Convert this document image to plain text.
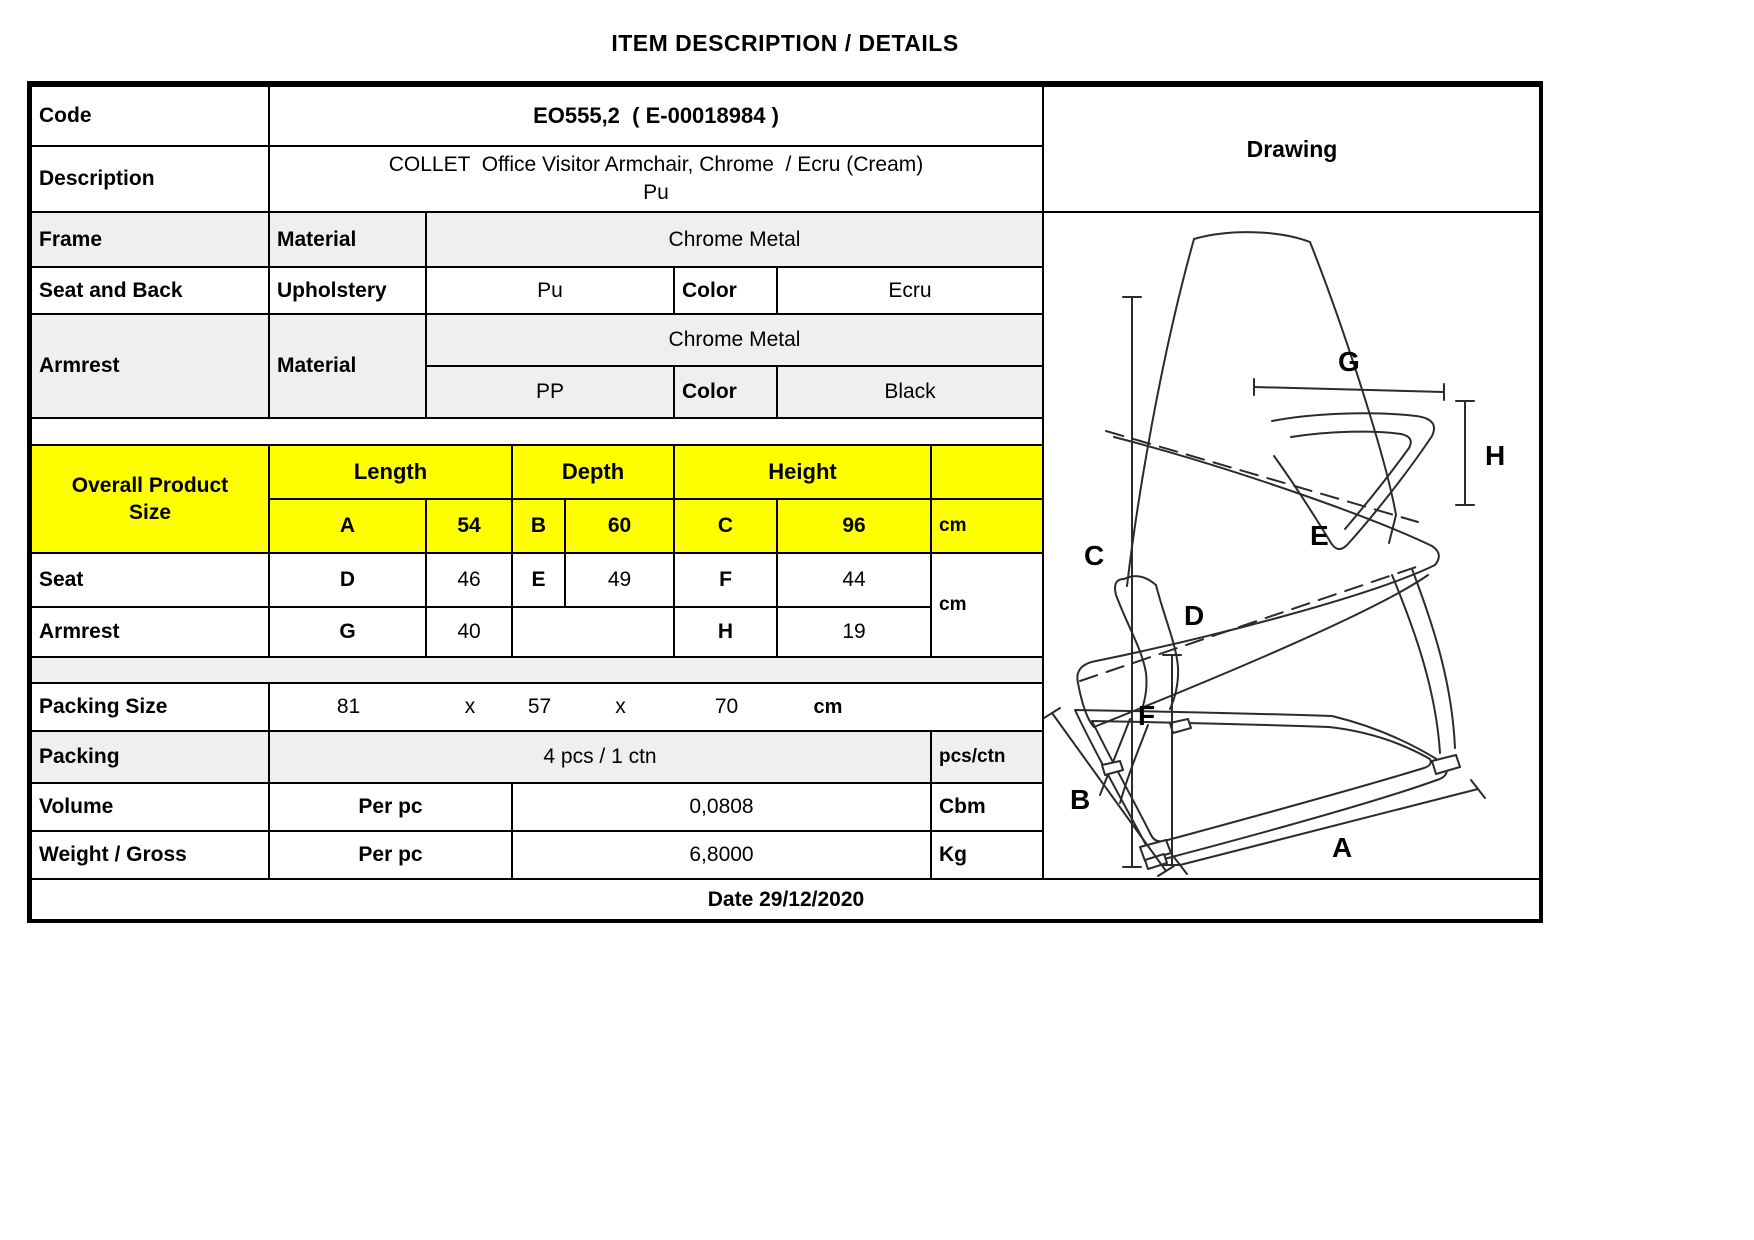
ITEM DESCRIPTION / DETAILS
Code	EO555,2  ( E-00018984 )
Description
COLLET  Office Visitor Armchair, Chrome  / Ecru (Cream)
Pu
Drawing
Frame	Material	Chrome Metal
Seat and Back	Upholstery	Pu	Color	Ecru
Armrest	Material
Chrome Metal
PP	Color	Black
Overall Product Size
Length	Depth	Height
A	54	B	60	C	96	cm
Seat	D	46	E	49	F	44
cm
Armrest	G	40	H	19
Packing Size	81	x	57	x	70	cm
Packing	4 pcs / 1 ctn	pcs/ctn
Volume	Per pc	0,0808	Cbm
Weight / Gross	Per pc	6,8000	Kg
Date 29/12/2020
C
F
G
H
E
D
B
A
